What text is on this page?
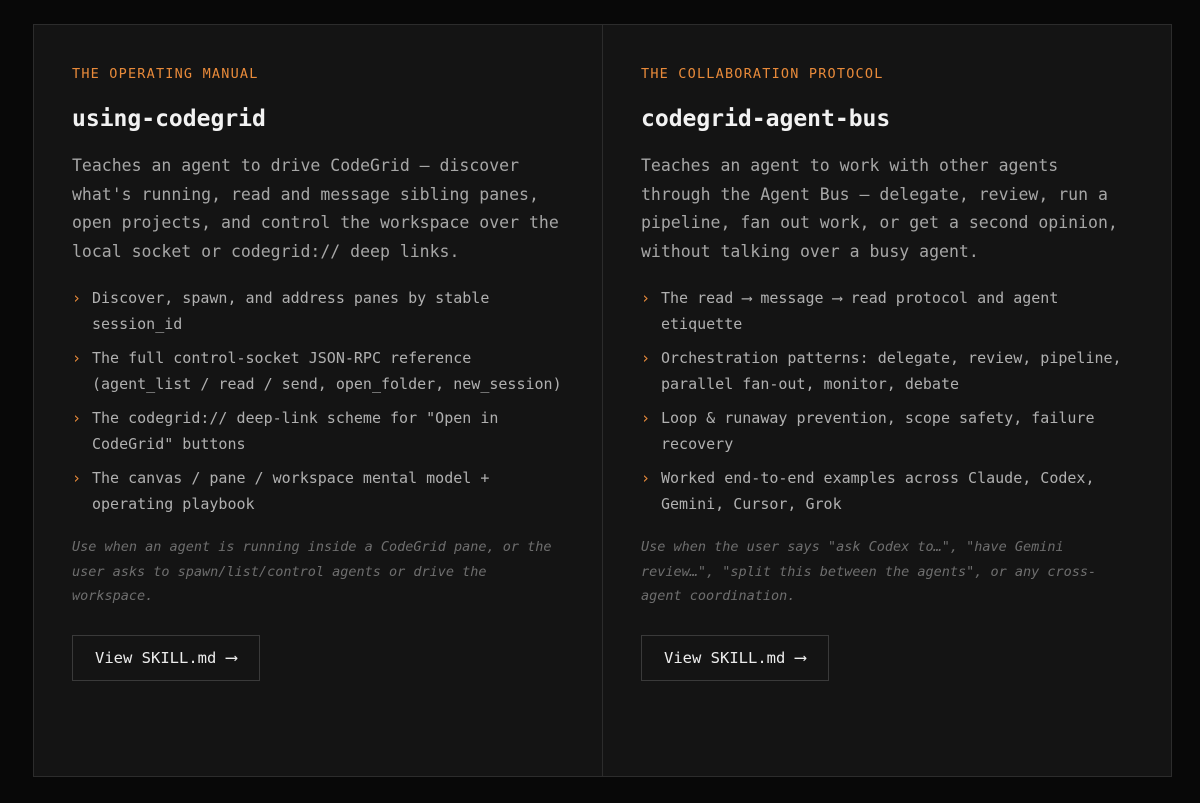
THE OPERATING MANUAL

using-codegrid

Teaches an agent to drive CodeGrid — discover what's running, read and message sibling panes, open projects, and control the workspace over the local socket or codegrid:// deep links.

› Discover, spawn, and address panes by stable session_id
› The full control-socket JSON-RPC reference (agent_list / read / send, open_folder, new_session)
› The codegrid:// deep-link scheme for "Open in CodeGrid" buttons
› The canvas / pane / workspace mental model + operating playbook

Use when an agent is running inside a CodeGrid pane, or the user asks to spawn/list/control agents or drive the workspace.

View SKILL.md ⟶

THE COLLABORATION PROTOCOL

codegrid-agent-bus

Teaches an agent to work with other agents through the Agent Bus — delegate, review, run a pipeline, fan out work, or get a second opinion, without talking over a busy agent.

› The read ⟶ message ⟶ read protocol and agent etiquette
› Orchestration patterns: delegate, review, pipeline, parallel fan-out, monitor, debate
› Loop & runaway prevention, scope safety, failure recovery
› Worked end-to-end examples across Claude, Codex, Gemini, Cursor, Grok

Use when the user says "ask Codex to…", "have Gemini review…", "split this between the agents", or any cross-agent coordination.

View SKILL.md ⟶
